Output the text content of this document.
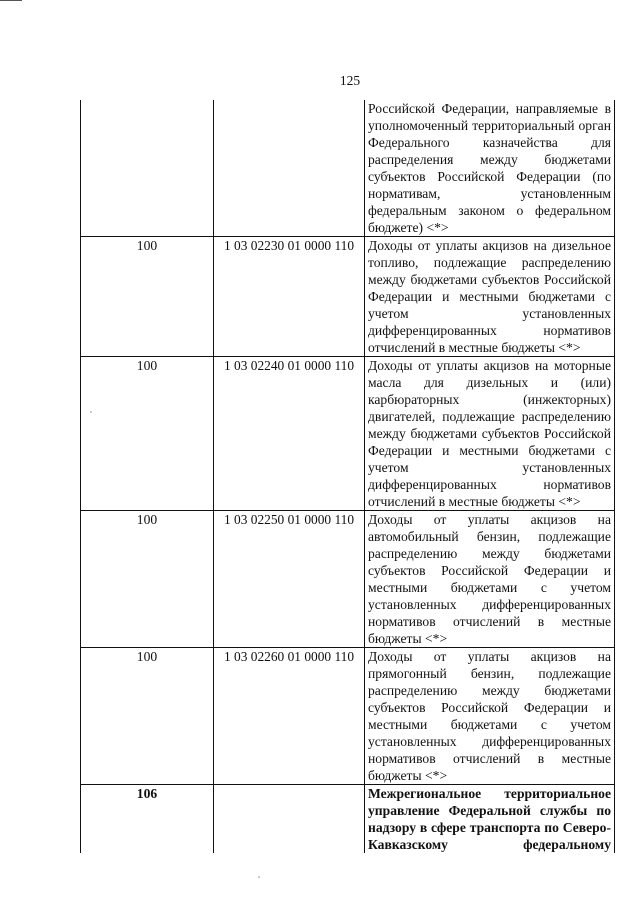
125
		Российской Федерации, направляемые в уполномоченный территориальный орган Федерального казначейства для распределения между бюджетами субъектов Российской Федерации (по нормативам, установленным федеральным законом о федеральном бюджете) <*>
100	1 03 02230 01 0000 110	Доходы от уплаты акцизов на дизельное топливо, подлежащие распределению между бюджетами субъектов Российской Федерации и местными бюджетами с учетом установленных дифференцированных нормативов отчислений в местные бюджеты <*>
100	1 03 02240 01 0000 110	Доходы от уплаты акцизов на моторные масла для дизельных и (или) карбюраторных (инжекторных) двигателей, подлежащие распределению между бюджетами субъектов Российской Федерации и местными бюджетами с учетом установленных дифференцированных нормативов отчислений в местные бюджеты <*>
100	1 03 02250 01 0000 110	Доходы от уплаты акцизов на автомобильный бензин, подлежащие распределению между бюджетами субъектов Российской Федерации и местными бюджетами с учетом установленных дифференцированных нормативов отчислений в местные бюджеты <*>
100	1 03 02260 01 0000 110	Доходы от уплаты акцизов на прямогонный бензин, подлежащие распределению между бюджетами субъектов Российской Федерации и местными бюджетами с учетом установленных дифференцированных нормативов отчислений в местные бюджеты <*>
106		Межрегиональное территориальное управление Федеральной службы по надзору в сфере транспорта по Северо-Кавказскому федеральному
